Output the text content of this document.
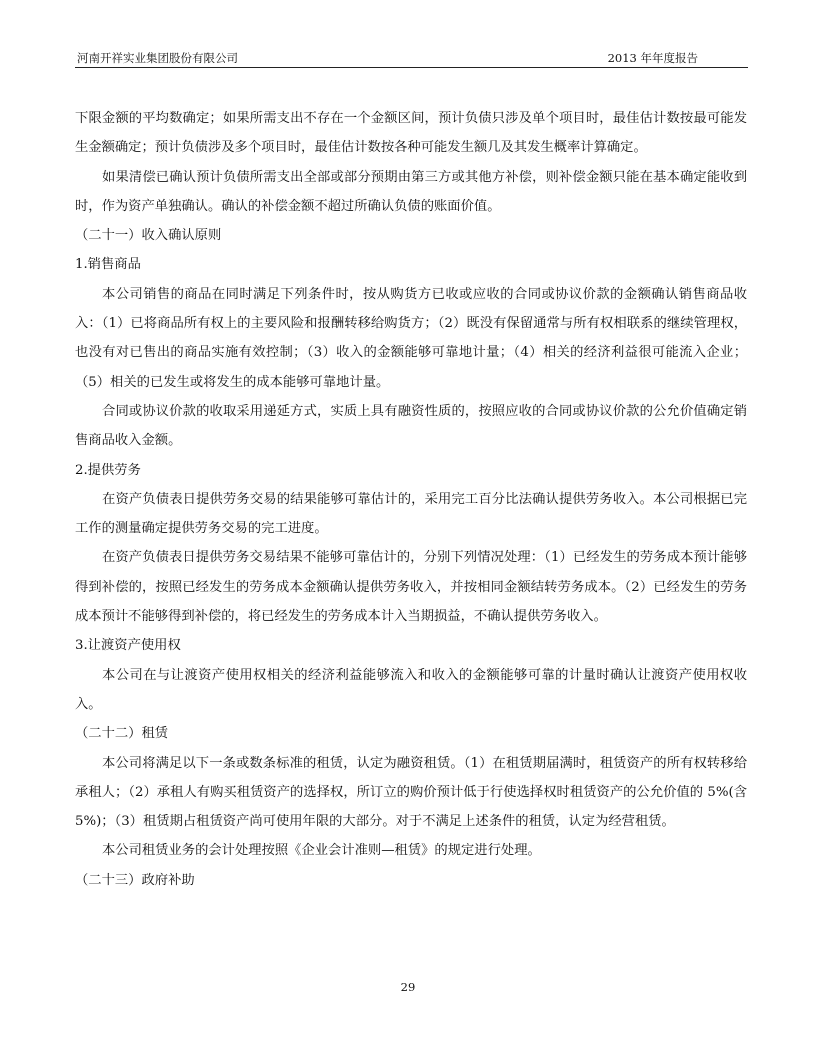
河南开祥实业集团股份有限公司	2013 年年度报告

下限金额的平均数确定；如果所需支出不存在一个金额区间，预计负债只涉及单个项目时，最佳估计数按最可能发生金额确定；预计负债涉及多个项目时，最佳估计数按各种可能发生额几及其发生概率计算确定。

如果清偿已确认预计负债所需支出全部或部分预期由第三方或其他方补偿，则补偿金额只能在基本确定能收到时，作为资产单独确认。确认的补偿金额不超过所确认负债的账面价值。

（二十一）收入确认原则

1.销售商品

本公司销售的商品在同时满足下列条件时，按从购货方已收或应收的合同或协议价款的金额确认销售商品收入：（1）已将商品所有权上的主要风险和报酬转移给购货方；（2）既没有保留通常与所有权相联系的继续管理权，也没有对已售出的商品实施有效控制；（3）收入的金额能够可靠地计量；（4）相关的经济利益很可能流入企业；（5）相关的已发生或将发生的成本能够可靠地计量。

合同或协议价款的收取采用递延方式，实质上具有融资性质的，按照应收的合同或协议价款的公允价值确定销售商品收入金额。

2.提供劳务

在资产负债表日提供劳务交易的结果能够可靠估计的，采用完工百分比法确认提供劳务收入。本公司根据已完工作的测量确定提供劳务交易的完工进度。

在资产负债表日提供劳务交易结果不能够可靠估计的，分别下列情况处理：（1）已经发生的劳务成本预计能够得到补偿的，按照已经发生的劳务成本金额确认提供劳务收入，并按相同金额结转劳务成本。（2）已经发生的劳务成本预计不能够得到补偿的，将已经发生的劳务成本计入当期损益，不确认提供劳务收入。

3.让渡资产使用权

本公司在与让渡资产使用权相关的经济利益能够流入和收入的金额能够可靠的计量时确认让渡资产使用权收入。

（二十二）租赁

本公司将满足以下一条或数条标准的租赁，认定为融资租赁。（1）在租赁期届满时，租赁资产的所有权转移给承租人；（2）承租人有购买租赁资产的选择权，所订立的购价预计低于行使选择权时租赁资产的公允价值的 5%(含 5%)；（3）租赁期占租赁资产尚可使用年限的大部分。对于不满足上述条件的租赁，认定为经营租赁。

本公司租赁业务的会计处理按照《企业会计准则—租赁》的规定进行处理。

（二十三）政府补助

29
